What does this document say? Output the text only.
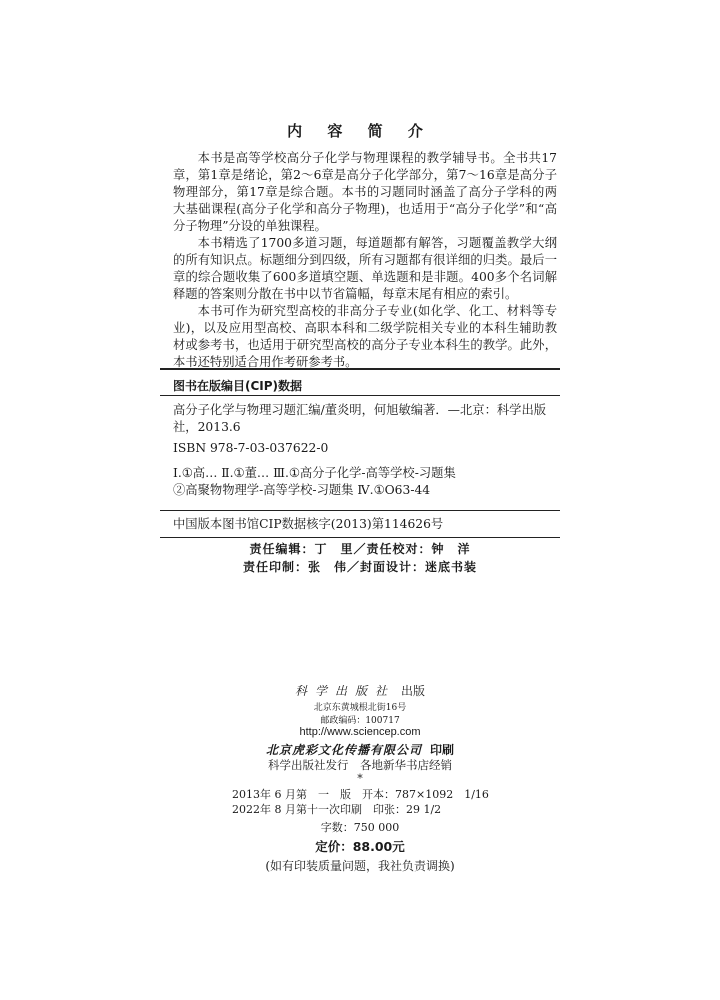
内 容 简 介

本书是高等学校高分子化学与物理课程的教学辅导书。全书共17章，第1章是绪论，第2～6章是高分子化学部分，第7～16章是高分子物理部分，第17章是综合题。本书的习题同时涵盖了高分子学科的两大基础课程(高分子化学和高分子物理)，也适用于“高分子化学”和“高分子物理”分设的单独课程。

本书精选了1700多道习题，每道题都有解答，习题覆盖教学大纲的所有知识点。标题细分到四级，所有习题都有很详细的归类。最后一章的综合题收集了600多道填空题、单选题和是非题。400多个名词解释题的答案则分散在书中以节省篇幅，每章末尾有相应的索引。

本书可作为研究型高校的非高分子专业(如化学、化工、材料等专业)，以及应用型高校、高职本科和二级学院相关专业的本科生辅助教材或参考书，也适用于研究型高校的高分子专业本科生的教学。此外，本书还特别适合用作考研参考书。

图书在版编目(CIP)数据

高分子化学与物理习题汇编/董炎明，何旭敏编著．—北京：科学出版社，2013.6

ISBN 978-7-03-037622-0

Ⅰ.①高… Ⅱ.①董… Ⅲ.①高分子化学-高等学校-习题集

②高聚物物理学-高等学校-习题集 Ⅳ.①O63-44

中国版本图书馆CIP数据核字(2013)第114626号

责任编辑：丁　里／责任校对：钟　洋
责任印制：张　伟／封面设计：迷底书装
科学出版社 出版
北京东黄城根北街16号
邮政编码：100717
http://www.sciencep.com
北京虎彩文化传播有限公司 印刷
科学出版社发行　各地新华书店经销
*
2013年 6 月第　一　版　开本：787×1092　1/16
2022年 8 月第十一次印刷　印张：29 1/2
字数：750 000
定价：88.00元
(如有印装质量问题，我社负责调换)
